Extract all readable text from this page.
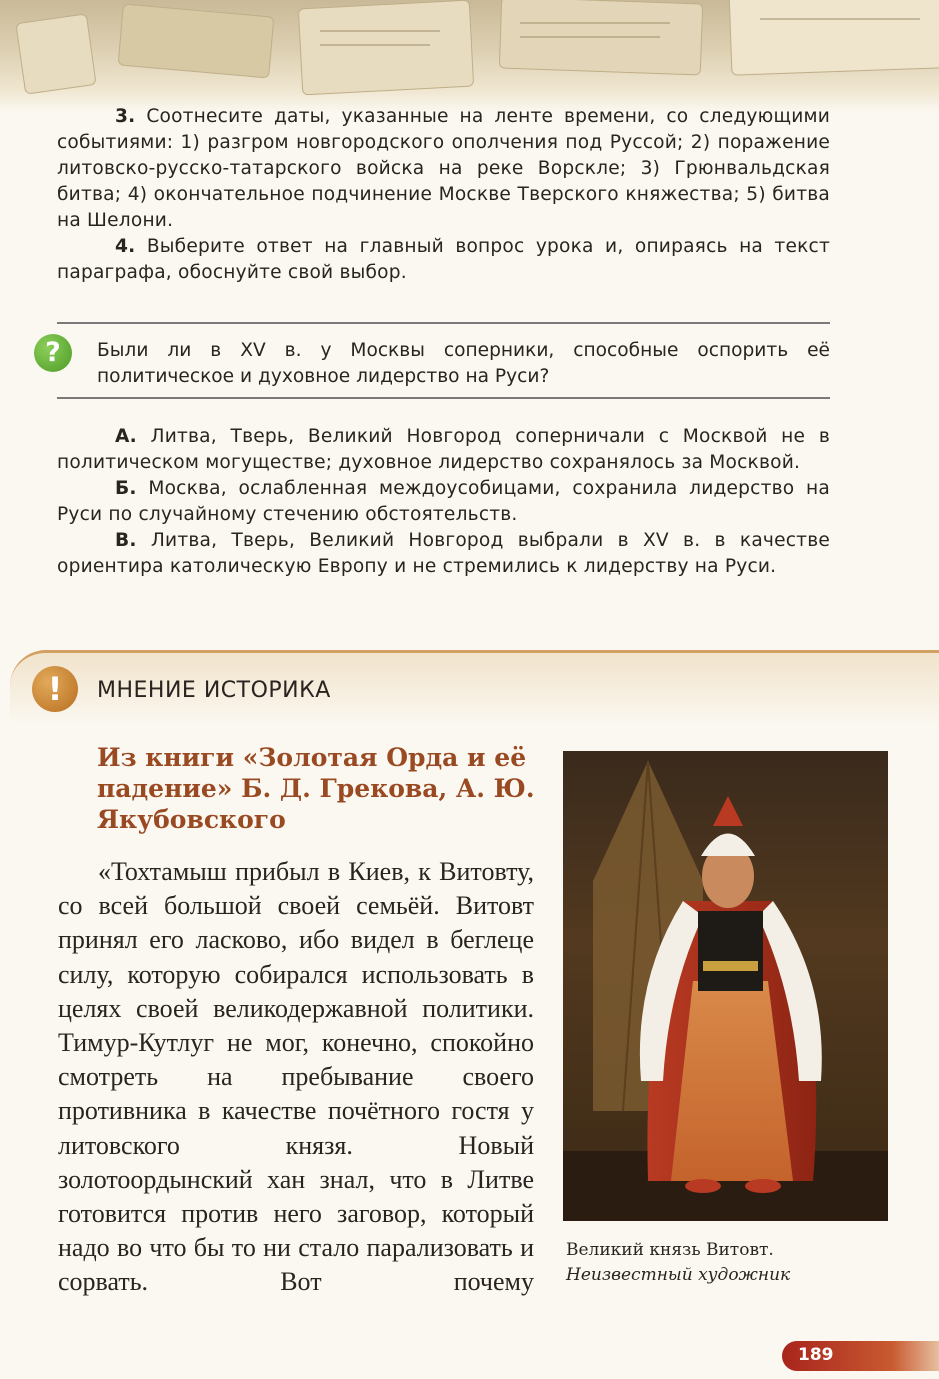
3. Соотнесите даты, указанные на ленте времени, со следующими событиями: 1) разгром новгородского ополчения под Руссой; 2) поражение литовско-русско-татарского войска на реке Ворскле; 3) Грюнвальдская битва; 4) окончательное подчинение Москве Тверского княжества; 5) битва на Шелони.

4. Выберите ответ на главный вопрос урока и, опираясь на текст параграфа, обоснуйте свой выбор.

?	Были ли в XV в. у Москвы соперники, способные оспорить её политическое и духовное лидерство на Руси?

А. Литва, Тверь, Великий Новгород соперничали с Москвой не в политическом могуществе; духовное лидерство сохранялось за Москвой.

Б. Москва, ослабленная междоусобицами, сохранила лидерство на Руси по случайному стечению обстоятельств.

В. Литва, Тверь, Великий Новгород выбрали в XV в. в качестве ориентира католическую Европу и не стремились к лидерству на Руси.

!	МНЕНИЕ ИСТОРИКА
Из книги «Золотая Орда и её падение» Б. Д. Грекова, А. Ю. Якубовского

«Тохтамыш прибыл в Киев, к Витовту, со всей большой своей семьёй. Витовт принял его ласково, ибо видел в беглеце силу, которую собирался использовать в целях своей великодержавной политики. Тимур-Кутлуг не мог, конечно, спокойно смотреть на пребывание своего противника в качестве почётного гостя у литовского князя. Новый золотоордынский хан знал, что в Литве готовится против него заговор, который надо во что бы то ни стало парализовать и сорвать. Вот почему

Великий князь Витовт.
Неизвестный художник
189
